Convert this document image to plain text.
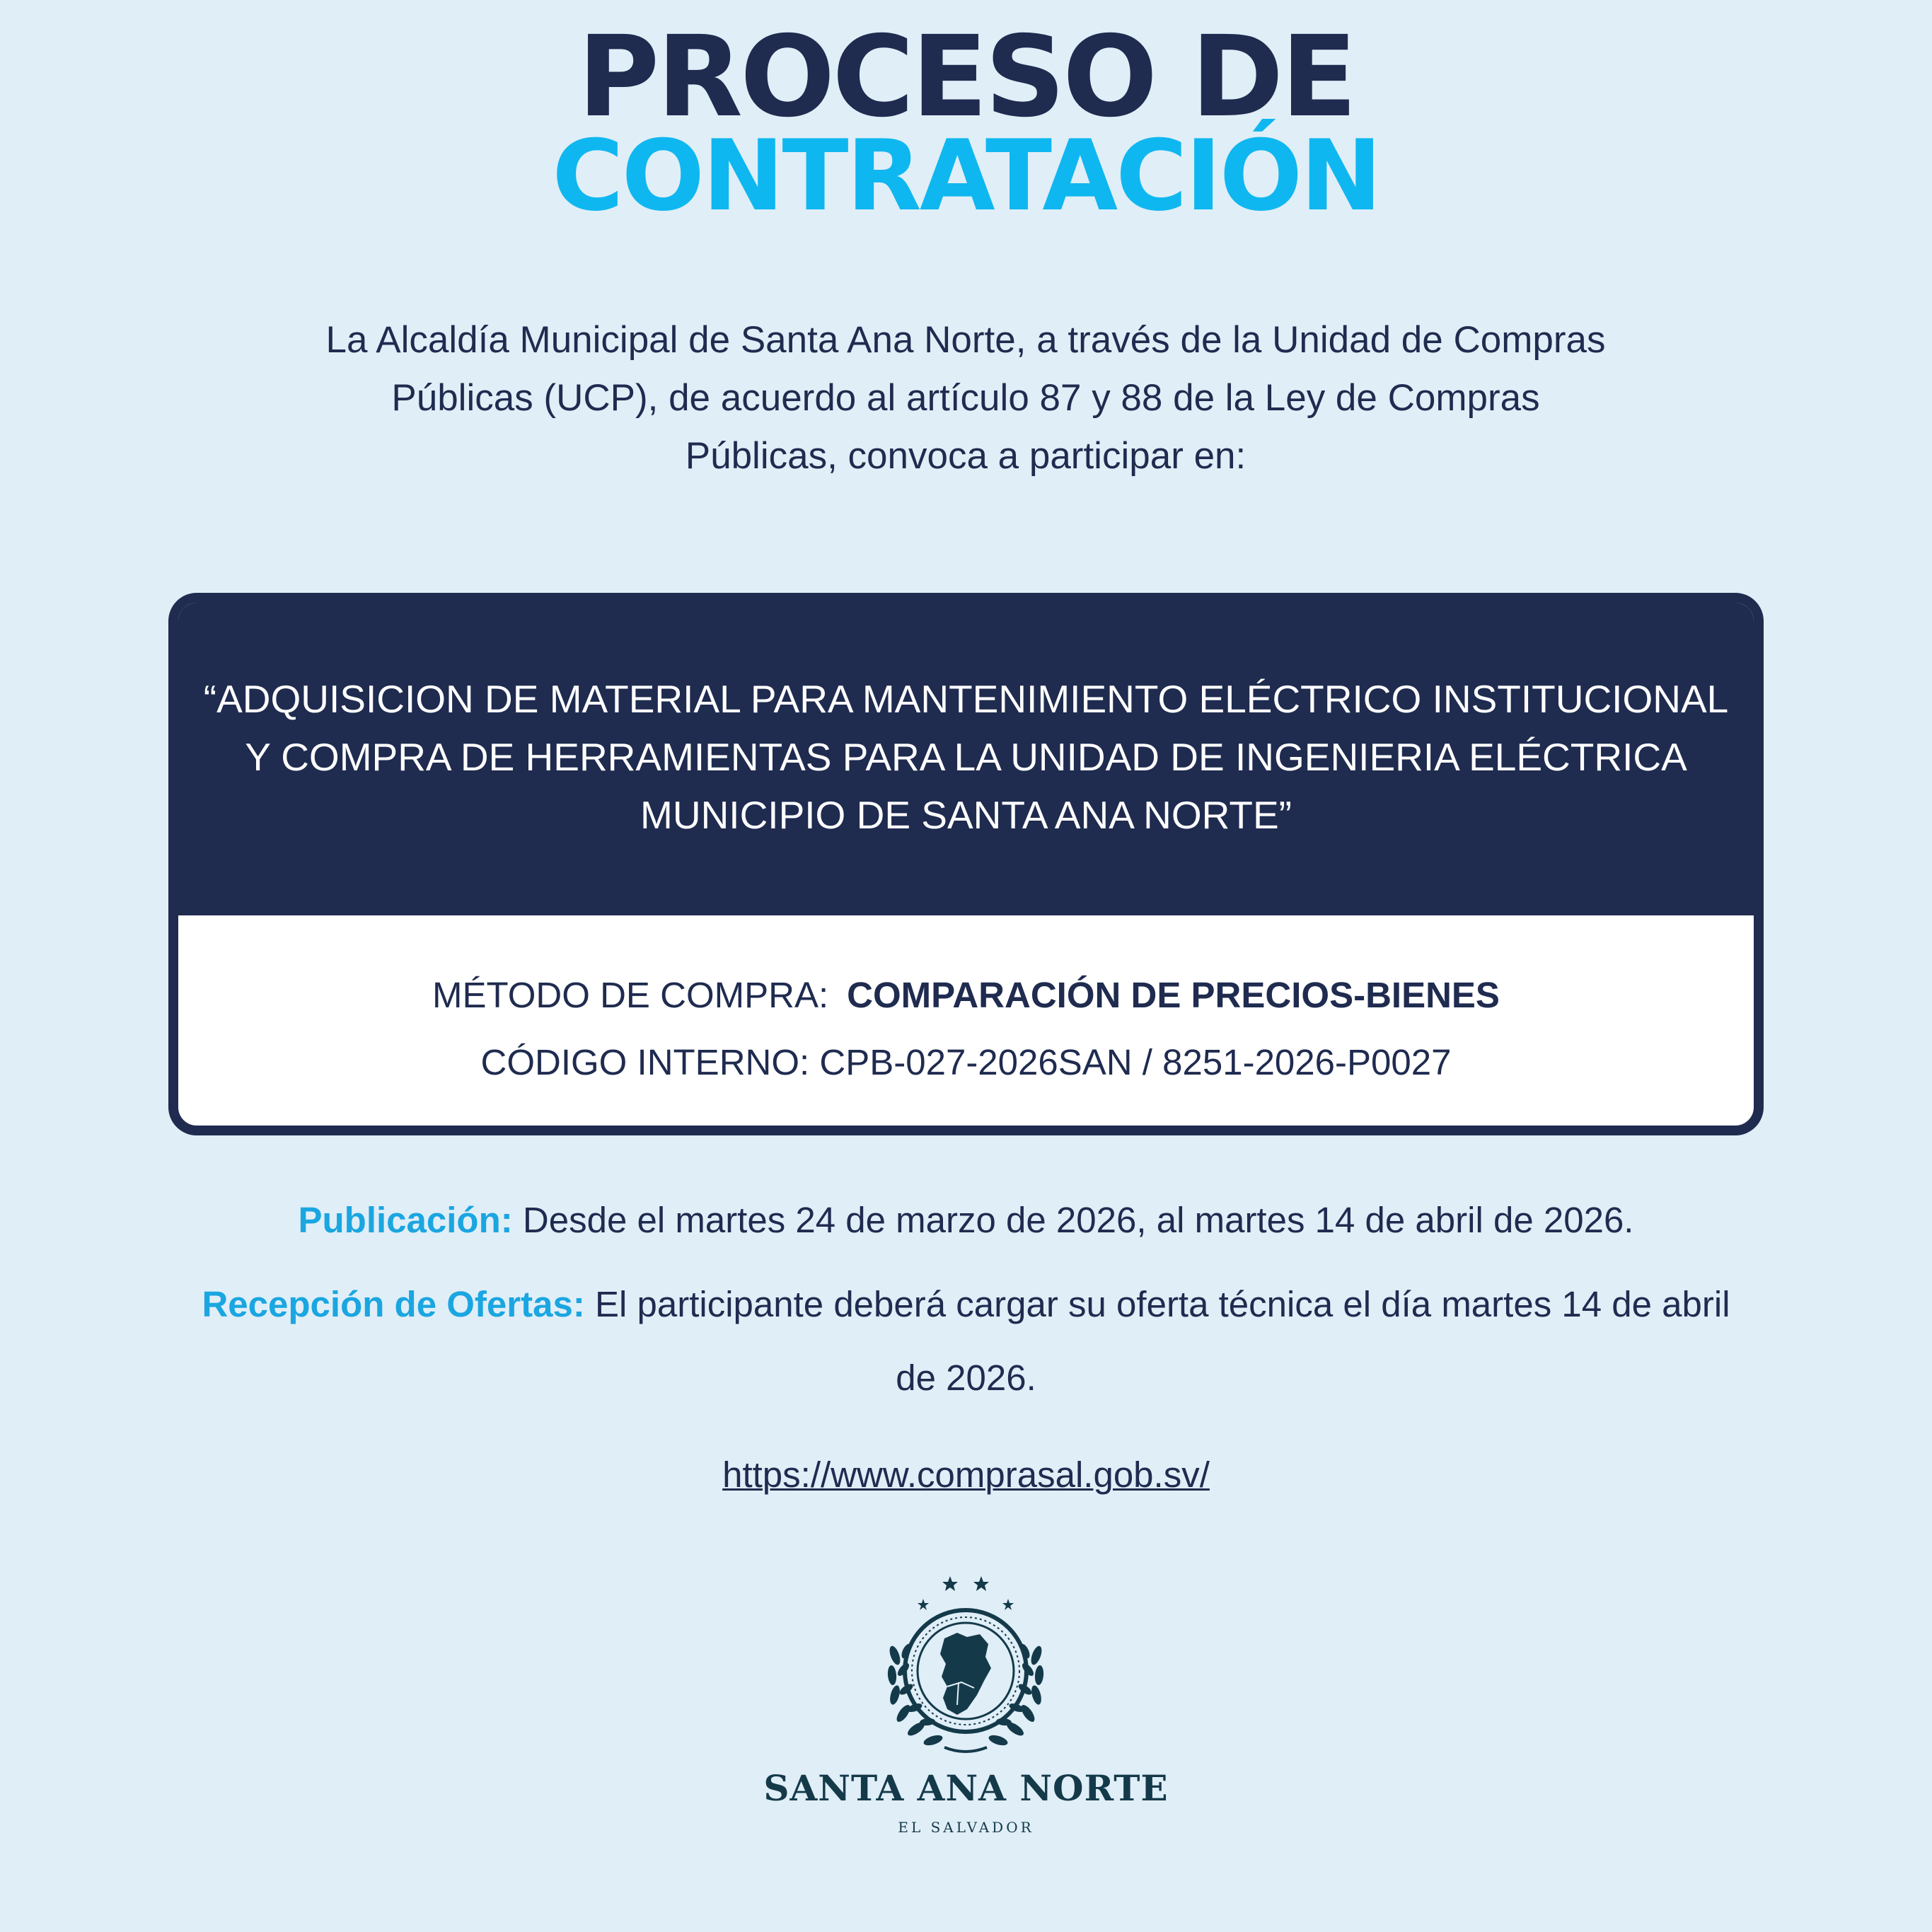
PROCESO DE
CONTRATACIÓN
La Alcaldía Municipal de Santa Ana Norte, a través de la Unidad de Compras Públicas (UCP), de acuerdo al artículo 87 y 88 de la Ley de Compras Públicas, convoca a participar en:
“ADQUISICION DE MATERIAL PARA MANTENIMIENTO ELÉCTRICO INSTITUCIONAL Y COMPRA DE HERRAMIENTAS PARA LA UNIDAD DE INGENIERIA ELÉCTRICA MUNICIPIO DE SANTA ANA NORTE”
MÉTODO DE COMPRA: COMPARACIÓN DE PRECIOS-BIENES
CÓDIGO INTERNO: CPB-027-2026SAN / 8251-2026-P0027
Publicación: Desde el martes 24 de marzo de 2026, al martes 14 de abril de 2026.
Recepción de Ofertas: El participante deberá cargar su oferta técnica el día martes 14 de abril de 2026.
https://www.comprasal.gob.sv/
SANTA ANA NORTE
EL SALVADOR
